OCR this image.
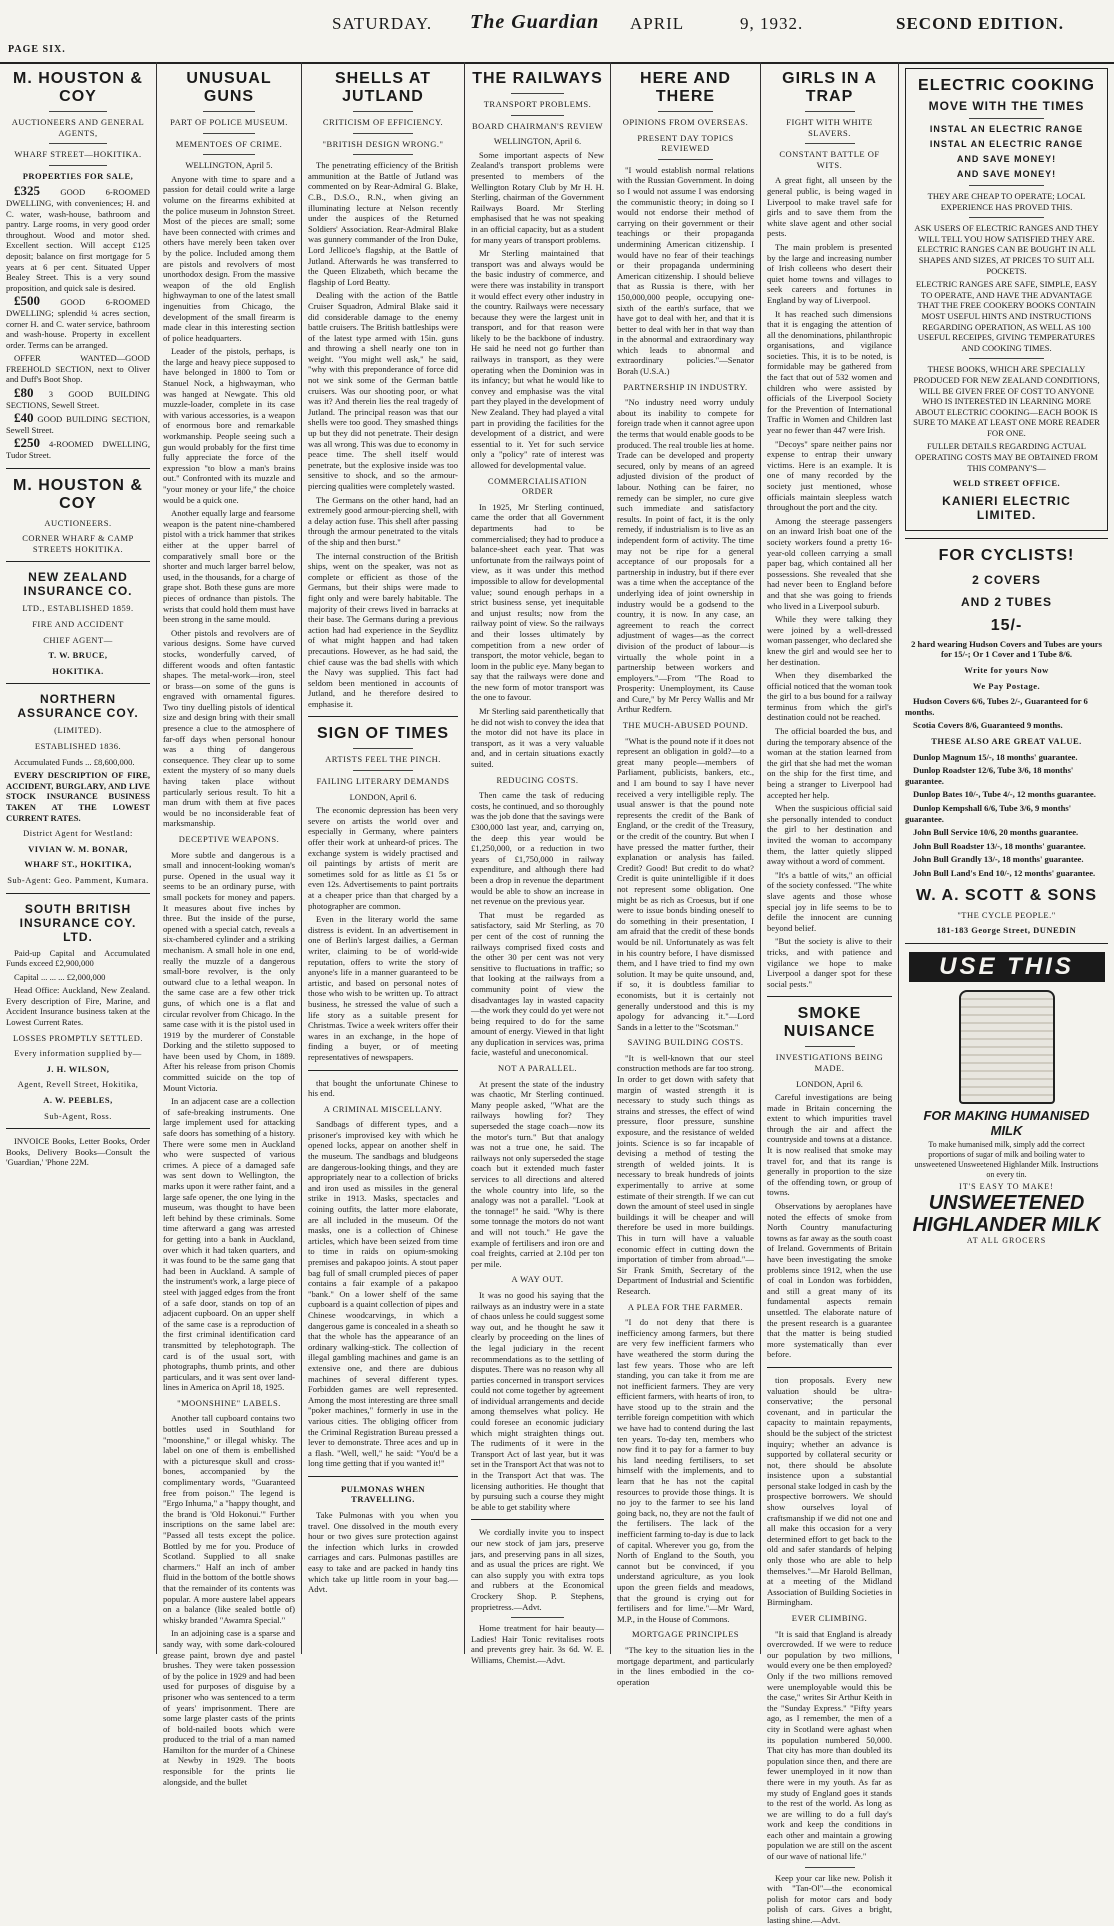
PAGE SIX.
SATURDAY. The Guardian APRIL	9, 1932.	SECOND EDITION.
M. HOUSTON & COY
AUCTIONEERS AND GENERAL AGENTS,
WHARF STREET—HOKITIKA.
PROPERTIES FOR SALE,

£325 GOOD 6-ROOMED DWELLING, with conveniences; H. and C. water, wash-house, bathroom and pantry. Large rooms, in very good order throughout. Wood and motor shed. Excellent section. Will accept £125 deposit; balance on first mortgage for 5 years at 6 per cent. Situated Upper Bealey Street. This is a very sound proposition, and quick sale is desired.

£500 GOOD 6-ROOMED DWELLING; splendid ¼ acres section, corner H. and C. water service, bathroom and wash-house. Property in excellent order. Terms can be arranged.

OFFER WANTED—GOOD FREEHOLD SECTION, next to Oliver and Duff's Boot Shop.

£80 3 GOOD BUILDING SECTIONS, Sewell Street.

£40 GOOD BUILDING SECTION, Sewell Street.

£250 4-ROOMED DWELLING, Tudor Street.

M. HOUSTON & COY
AUCTIONEERS.
CORNER WHARF & CAMP STREETS HOKITIKA.
NEW ZEALAND INSURANCE CO.
LTD., ESTABLISHED 1859.
FIRE AND ACCIDENT
CHIEF AGENT—
T. W. BRUCE,
HOKITIKA.
NORTHERN ASSURANCE COY.
(LIMITED).
ESTABLISHED 1836.

Accumulated Funds ... £8,600,000.

EVERY DESCRIPTION OF FIRE, ACCIDENT, BURGLARY, AND LIVE STOCK INSURANCE BUSINESS TAKEN AT THE LOWEST CURRENT RATES.

District Agent for Westland:
VIVIAN W. M. BONAR,
WHARF ST., HOKITIKA,
Sub-Agent: Geo. Pamment, Kumara.
SOUTH BRITISH INSURANCE COY. LTD.

Paid-up Capital and Accumulated Funds exceed £2,900,000

Capital ... ... ... £2,000,000

Head Office: Auckland, New Zealand. Every description of Fire, Marine, and Accident Insurance business taken at the Lowest Current Rates.

LOSSES PROMPTLY SETTLED.
Every information supplied by—
J. H. WILSON,
Agent, Revell Street, Hokitika,
A. W. PEEBLES,
Sub-Agent, Ross.

INVOICE Books, Letter Books, Order Books, Delivery Books—Consult the 'Guardian,' 'Phone 22M.

UNUSUAL GUNS
PART OF POLICE MUSEUM.
MEMENTOES OF CRIME.

WELLINGTON, April 5.

Anyone with time to spare and a passion for detail could write a large volume on the firearms exhibited at the police museum in Johnston Street. Most of the pieces are small; some have been connected with crimes and others have merely been taken over by the police. Included among them are pistols and revolvers of most unorthodox design. From the massive weapon of the old English highwayman to one of the latest small ingenuities from Chicago, the development of the small firearm is made clear in this interesting section of police headquarters.

Leader of the pistols, perhaps, is the large and heavy piece supposed to have belonged in 1800 to Tom or Stanuel Nock, a highwayman, who was hanged at Newgate. This old muzzle-loader, complete in its case with various accessories, is a weapon of enormous bore and remarkable workmanship. People seeing such a gun would probably for the first time fully appreciate the force of the expression "to blow a man's brains out." Confronted with its muzzle and "your money or your life," the choice would be a quick one.

Another equally large and fearsome weapon is the patent nine-chambered pistol with a trick hammer that strikes either at the upper barrel of comparatively small bore or the shorter and much larger barrel below, used, in the thousands, for a charge of grape shot. Both these guns are more pieces of ordnance than pistols. The wrists that could hold them must have been strong in the same mould.

Other pistols and revolvers are of various designs. Some have curved stocks, wonderfully carved, of different woods and often fantastic shapes. The metal-work—iron, steel or brass—on some of the guns is engraved with ornamental figures. Two tiny duelling pistols of identical size and design bring with their small presence a clue to the atmosphere of far-off days when personal honour was a thing of dangerous consequence. They clear up to some extent the mystery of so many duels having taken place without particularly serious result. To hit a man drum with them at five paces would be no inconsiderable feat of marksmanship.

DECEPTIVE WEAPONS.

More subtle and dangerous is a small and innocent-looking woman's purse. Opened in the usual way it seems to be an ordinary purse, with small pockets for money and papers. It measures about five inches by three. But the inside of the purse, opened with a special catch, reveals a six-chambered cylinder and a striking mechanism. A small hole in one end, really the muzzle of a dangerous small-bore revolver, is the only outward clue to a lethal weapon. In the same case are a few other trick guns, of which one is a flat and circular revolver from Chicago. In the same case with it is the pistol used in 1919 by the murderer of Constable Dorking and the stiletto supposed to have been used by Chom, in 1889. After his release from prison Chomis committed suicide on the top of Mount Victoria.

In an adjacent case are a collection of safe-breaking instruments. One large implement used for attacking safe doors has something of a history. There were some men in Auckland who were suspected of various crimes. A piece of a damaged safe was sent down to Wellington, the marks upon it were rather faint, and a large safe opener, the one lying in the museum, was thought to have been left behind by these criminals. Some time afterward a gang was arrested for getting into a bank in Auckland, over which it had taken quarters, and it was found to be the same gang that had been in Auckland. A sample of the instrument's work, a large piece of steel with jagged edges from the front of a safe door, stands on top of an adjacent cupboard. On an upper shelf of the same case is a reproduction of the first criminal identification card transmitted by telephotograph. The card is of the usual sort, with photographs, thumb prints, and other particulars, and it was sent over land-lines in America on April 18, 1925.

"MOONSHINE" LABELS.

Another tall cupboard contains two bottles used in Southland for "moonshine," or illegal whisky. The label on one of them is embellished with a picturesque skull and cross-bones, accompanied by the complimentary words, "Guaranteed free from poison." The legend is "Ergo Inhuma," a "happy thought, and the brand is 'Old Hokonui.'" Further inscriptions on the same label are: "Passed all tests except the police. Bottled by me for you. Produce of Scotland. Supplied to all snake charmers." Half an inch of amber fluid in the bottom of the bottle shows that the remainder of its contents was popular. A more austere label appears on a balance (like sealed bottle of) whisky branded "Awamra Special."

In an adjoining case is a sparse and sandy way, with some dark-coloured grease paint, brown dye and pastel brushes. They were taken possession of by the police in 1929 and had been used for purposes of disguise by a prisoner who was sentenced to a term of years' imprisonment. There are some large plaster casts of the prints of bold-nailed boots which were produced to the trial of a man named Hamilton for the murder of a Chinese at Newby in 1929. The boots responsible for the prints lie alongside, and the bullet

SHELLS AT JUTLAND
CRITICISM OF EFFICIENCY.
"BRITISH DESIGN WRONG."

The penetrating efficiency of the British ammunition at the Battle of Jutland was commented on by Rear-Admiral G. Blake, C.B., D.S.O., R.N., when giving an illuminating lecture at Nelson recently under the auspices of the Returned Soldiers' Association. Rear-Admiral Blake was gunnery commander of the Iron Duke, Lord Jellicoe's flagship, at the Battle of Jutland. Afterwards he was transferred to the Queen Elizabeth, which became the flagship of Lord Beatty.

Dealing with the action of the Battle Cruiser Squadron, Admiral Blake said it did considerable damage to the enemy battle cruisers. The British battleships were of the latest type armed with 15in. guns and throwing a shell nearly one ton in weight. "You might well ask," he said, "why with this preponderance of force did not we sink some of the German battle cruisers. Was our shooting poor, or what was it? And therein lies the real tragedy of Jutland. The principal reason was that our shells were too good. They smashed things up but they did not penetrate. Their design was all wrong. This was due to economy in peace time. The shell itself would penetrate, but the explosive inside was too sensitive to shock, and so the armour-piercing qualities were completely wasted.

The Germans on the other hand, had an extremely good armour-piercing shell, with a delay action fuse. This shell after passing through the armour penetrated to the vitals of the ship and then burst."

The internal construction of the British ships, went on the speaker, was not as complete or efficient as those of the Germans, but their ships were made to fight only and were barely habitable. The majority of their crews lived in barracks at their base. The Germans during a previous action had had experience in the Seydlitz of what might happen and had taken precautions. However, as he had said, the chief cause was the bad shells with which the Navy was supplied. This fact had seldom been mentioned in accounts of Jutland, and he therefore desired to emphasise it.

SIGN OF TIMES
ARTISTS FEEL THE PINCH.
FAILING LITERARY DEMANDS

LONDON, April 6.

The economic depression has been very severe on artists the world over and especially in Germany, where painters offer their work at unheard-of prices. The exchange system is widely practised and oil paintings by artists of merit are sometimes sold for as little as £1 5s or even 12s. Advertisements to paint portraits at a cheaper price than that charged by a photographer are common.

Even in the literary world the same distress is evident. In an advertisement in one of Berlin's largest dailies, a German writer, claiming to be of world-wide reputation, offers to write the story of anyone's life in a manner guaranteed to be artistic, and based on personal notes of those who wish to be written up. To attract business, he stressed the value of such a life story as a suitable present for Christmas. Twice a week writers offer their wares in an exchange, in the hope of finding a buyer, or of meeting representatives of newspapers.

that bought the unfortunate Chinese to his end.

A CRIMINAL MISCELLANY.

Sandbags of different types, and a prisoner's improvised key with which he opened locks, appear on another shelf in the museum. The sandbags and bludgeons are dangerous-looking things, and they are appropriately near to a collection of bricks and iron used as missiles in the general strike in 1913. Masks, spectacles and coining outfits, the latter more elaborate, are all included in the museum. Of the masks, one is a collection of Chinese articles, which have been seized from time to time in raids on opium-smoking premises and pakapoo joints. A stout paper bag full of small crumpled pieces of paper contains a fair example of a pakapoo "bank." On a lower shelf of the same cupboard is a quaint collection of pipes and Chinese woodcarvings, in which a dangerous game is concealed in a sheath so that the whole has the appearance of an ordinary walking-stick. The collection of illegal gambling machines and game is an extensive one, and there are dubious machines of several different types. Forbidden games are well represented. Among the most interesting are three small "poker machines," formerly in use in the various cities. The obliging officer from the Criminal Registration Bureau pressed a lever to demonstrate. Three aces and up in a flash. "Well, well," he said: "You'd be a long time getting that if you wanted it!"

PULMONAS WHEN TRAVELLING.

Take Pulmonas with you when you travel. One dissolved in the mouth every hour or two gives sure protection against the infection which lurks in crowded carriages and cars. Pulmonas pastilles are easy to take and are packed in handy tins which take up little room in your bag.—Advt.

THE RAILWAYS
TRANSPORT PROBLEMS.
BOARD CHAIRMAN'S REVIEW

WELLINGTON, April 6.

Some important aspects of New Zealand's transport problems were presented to members of the Wellington Rotary Club by Mr H. H. Sterling, chairman of the Government Railways Board. Mr Sterling emphasised that he was not speaking in an official capacity, but as a student for many years of transport problems.

Mr Sterling maintained that transport was and always would be the basic industry of commerce, and were there was instability in transport it would effect every other industry in the country. Railways were necessary because they were the largest unit in transport, and for that reason were likely to be the backbone of industry. He said he need not go further than railways in transport, as they were operating when the Dominion was in its infancy; but what he would like to convey and emphasise was the vital part they played in the development of New Zealand. They had played a vital part in providing the facilities for the development of a district, and were essential to it. Yet for such service only a "policy" rate of interest was allowed for developmental value.

COMMERCIALISATION ORDER

In 1925, Mr Sterling continued, came the order that all Government departments had to be commercialised; they had to produce a balance-sheet each year. That was unfortunate from the railways point of view, as it was under this method impossible to allow for developmental value; sound enough perhaps in a strict business sense, yet inequitable and unjust results; now from the railway point of view. So the railways and their losses ultimately by competition from a new order of transport, the motor vehicle, began to loom in the public eye. Many began to say that the railways were done and the new form of motor transport was the one to favour.

Mr Sterling said parenthetically that he did not wish to convey the idea that the motor did not have its place in transport, as it was a very valuable and, and in certain situations exactly suited.

REDUCING COSTS.

Then came the task of reducing costs, he continued, and so thoroughly was the job done that the savings were £300,000 last year, and, carrying on, the deep this year would be £1,250,000, or a reduction in two years of £1,750,000 in railway expenditure, and although there had been a drop in revenue the department would be able to show an increase in net revenue on the previous year.

That must be regarded as satisfactory, said Mr Sterling, as 70 per cent of the cost of running the railways comprised fixed costs and the other 30 per cent was not very sensitive to fluctuations in traffic; so that looking at the railways from a community point of view the disadvantages lay in wasted capacity—the work they could do yet were not being required to do for the same amount of energy. Viewed in that light any duplication in services was, prima facie, wasteful and uneconomical.

NOT A PARALLEL.

At present the state of the industry was chaotic, Mr Sterling continued. Many people asked, "What are the railways howling for? They superseded the stage coach—now its the motor's turn." But that analogy was not a true one, he said. The railways not only superseded the stage coach but it extended much faster services to all directions and altered the whole country into life, so the analogy was not a parallel. "Look at the tonnage!" he said. "Why is there some tonnage the motors do not want and will not touch." He gave the example of fertilisers and iron ore and coal freights, carried at 2.10d per ton per mile.

A WAY OUT.

It was no good his saying that the railways as an industry were in a state of chaos unless he could suggest some way out, and he thought he saw it clearly by proceeding on the lines of the legal judiciary in the recent recommendations as to the settling of disputes. There was no reason why all parties concerned in transport services could not come together by agreement of individual arrangements and decide among themselves what policy. He could foresee an economic judiciary which might straighten things out. The rudiments of it were in the Transport Act of last year, but it was set in the Transport Act that was not to in the Transport Act that was. The licensing authorities. He thought that by pursuing such a course they might be able to get stability where

We cordially invite you to inspect our new stock of jam jars, preserve jars, and preserving pans in all sizes, and as usual the prices are right. We can also supply you with extra tops and rubbers at the Economical Crockery Shop. P. Stephens, proprietress.—Advt.

Home treatment for hair beauty—Ladies! Hair Tonic revitalises roots and prevents grey hair. 3s 6d. W. E. Williams, Chemist.—Advt.

HERE AND THERE
OPINIONS FROM OVERSEAS.
PRESENT DAY TOPICS REVIEWED

"I would establish normal relations with the Russian Government. In doing so I would not assume I was endorsing the communistic theory; in doing so I would not endorse their method of carrying on their government or their teachings or their propaganda undermining American citizenship. I would have no fear of their teachings or their propaganda undermining American citizenship. I should believe that as Russia is there, with her 150,000,000 people, occupying one-sixth of the earth's surface, that we have got to deal with her, and that it is better to deal with her in that way than in the abnormal and extraordinary way which leads to abnormal and extraordinary policies."—Senator Borah (U.S.A.)

PARTNERSHIP IN INDUSTRY.

"No industry need worry unduly about its inability to compete for foreign trade when it cannot agree upon the terms that would enable goods to be produced. The real trouble lies at home. Trade can be developed and property secured, only by means of an agreed adjusted division of the product of labour. Nothing can be fairer, no remedy can be simpler, no cure give such immediate and satisfactory results. In point of fact, it is the only remedy, if industrialism is to live as an independent form of activity. The time may not be ripe for a general acceptance of our proposals for a partnership in industry, but if there ever was a time when the acceptance of the underlying idea of joint ownership in industry would be a godsend to the country, it is now. In any case, an agreement to reach the correct adjustment of wages—as the correct division of the product of labour—is virtually the whole point in a partnership between workers and employers."—From "The Road to Prosperity: Unemployment, its Cause and Cure," by Mr Percy Wallis and Mr Arthur Redfern.

THE MUCH-ABUSED POUND.

"What is the pound note if it does not represent an obligation in gold?—to a great many people—members of Parliament, publicists, bankers, etc., and I am bound to say I have never received a very intelligible reply. The usual answer is that the pound note represents the credit of the Bank of England, or the credit of the Treasury, or the credit of the country. But when I have pressed the matter further, their explanation or analysis has failed. Credit? Good! But credit to do what? Credit is quite unintelligible if it does not represent some obligation. One might be as rich as Croesus, but if one were to issue bonds binding oneself to do something in their presentation, I am afraid that the credit of these bonds would be nil. Unfortunately as was felt in his country before, I have dismissed them, and I have tried to find my own solution. It may be quite unsound, and, if so, it is doubtless familiar to economists, but it is certainly not generally understood and this is my apology for advancing it."—Lord Sands in a letter to the "Scotsman."

SAVING BUILDING COSTS.

"It is well-known that our steel construction methods are far too strong. In order to get down with safety that margin of wasted strength it is necessary to study such things as strains and stresses, the effect of wind pressure, floor pressure, sunshine exposure, and the resistance of welded joints. Science is so far incapable of devising a method of testing the strength of welded joints. It is necessary to break hundreds of joints experimentally to arrive at some estimate of their strength. If we can cut down the amount of steel used in single buildings it will be cheaper and will therefore be used in more buildings. This in turn will have a valuable economic effect in cutting down the importation of timber from abroad."—Sir Frank Smith, Secretary of the Department of Industrial and Scientific Research.

A PLEA FOR THE FARMER.

"I do not deny that there is inefficiency among farmers, but there are very few inefficient farmers who have weathered the storm during the last few years. Those who are left standing, you can take it from me are not inefficient farmers. They are very efficient farmers, with hearts of iron, to have stood up to the strain and the terrible foreign competition with which we have had to contend during the last ten years. To-day ten, members who now find it to pay for a farmer to buy his land needing fertilisers, to set himself with the implements, and to learn that he has not the capital resources to provide those things. It is no joy to the farmer to see his land going back, no, they are not the fault of the fertilisers. The lack of the inefficient farming to-day is due to lack of capital. Wherever you go, from the North of England to the South, you cannot but be convinced, if you understand agriculture, as you look upon the green fields and meadows, that the ground is crying out for fertilisers and for lime."—Mr Ward, M.P., in the House of Commons.

MORTGAGE PRINCIPLES

"The key to the situation lies in the mortgage department, and particularly in the lines embodied in the co-operation

GIRLS IN A TRAP
FIGHT WITH WHITE SLAVERS.
CONSTANT BATTLE OF WITS.

A great fight, all unseen by the general public, is being waged in Liverpool to make travel safe for girls and to save them from the white slave agent and other social pests.

The main problem is presented by the large and increasing number of Irish colleens who desert their quiet home towns and villages to seek careers and fortunes in England by way of Liverpool.

It has reached such dimensions that it is engaging the attention of all the denominations, philanthropic organisations, and vigilance societies. This, it is to be noted, is formidable may be gathered from the fact that out of 532 women and children who were assisted by officials of the Liverpool Society for the Prevention of International Traffic in Women and Children last year no fewer than 447 were Irish.

"Decoys" spare neither pains nor expense to entrap their unwary victims. Here is an example. It is one of many recorded by the society just mentioned, whose officials maintain sleepless watch throughout the port and the city.

Among the steerage passengers on an inward Irish boat one of the society workers found a pretty 16-year-old colleen carrying a small paper bag, which contained all her possessions. She revealed that she had never been to England before and that she was going to friends who lived in a Liverpool suburb.

While they were talking they were joined by a well-dressed woman passenger, who declared she knew the girl and would see her to her destination.

When they disembarked the official noticed that the woman took the girl to a bus bound for a railway terminus from which the girl's destination could not be reached.

The official boarded the bus, and during the temporary absence of the woman at the station learned from the girl that she had met the woman on the ship for the first time, and being a stranger to Liverpool had accepted her help.

When the suspicious official said she personally intended to conduct the girl to her destination and invited the woman to accompany them, the latter quietly slipped away without a word of comment.

"It's a battle of wits," an official of the society confessed. "The white slave agents and those whose special joy in life seems to be to defile the innocent are cunning beyond belief.

"But the society is alive to their tricks, and with patience and vigilance we hope to make Liverpool a danger spot for these social pests."

SMOKE NUISANCE
INVESTIGATIONS BEING MADE.

LONDON, April 6.

Careful investigations are being made in Britain concerning the extent to which impurities travel through the air and affect the countryside and towns at a distance. It is now realised that smoke may travel for, and that its range is generally in proportion to the size of the offending town, or group of towns.

Observations by aeroplanes have noted the effects of smoke from North Country manufacturing towns as far away as the south coast of Ireland. Governments of Britain have been investigating the smoke problems since 1912, when the use of coal in London was forbidden, and still a great many of its fundamental aspects remain unsettled. The elaborate nature of the present research is a guarantee that the matter is being studied more systematically than ever before.

tion proposals. Every new valuation should be ultra-conservative; the personal covenant, and in particular the capacity to maintain repayments, should be the subject of the strictest inquiry; whether an advance is supported by collateral security or not, there should be absolute insistence upon a substantial personal stake lodged in cash by the prospective borrowers. We should show ourselves loyal of craftsmanship if we did not one and all make this occasion for a very determined effort to get back to the old and safer standards of helping only those who are able to help themselves."—Mr Harold Bellman, at a meeting of the Midland Association of Building Societies in Birmingham.

EVER CLIMBING.

"It is said that England is already overcrowded. If we were to reduce our population by two millions, would every one be then employed? Only if the two millions removed were unemployable would this be the case," writes Sir Arthur Keith in the "Sunday Express." "Fifty years ago, as I remember, the men of a city in Scotland were aghast when its population numbered 50,000. That city has more than doubled its population since then, and there are fewer unemployed in it now than there were in my youth. As far as my study of England goes it stands to the rest of the world. As long as we are willing to do a full day's work and keep the conditions in each other and maintain a growing population we are still on the ascent of our wave of national life."

Keep your car like new. Polish it with "Tan-Ol"—the economical polish for motor cars and body polish of cars. Gives a bright, lasting shine.—Advt.

ELECTRIC COOKING
MOVE WITH THE TIMES
INSTAL AN ELECTRIC RANGE
INSTAL AN ELECTRIC RANGE
AND SAVE MONEY!
AND SAVE MONEY!

THEY ARE CHEAP TO OPERATE; LOCAL EXPERIENCE HAS PROVED THIS.

ASK USERS OF ELECTRIC RANGES AND THEY WILL TELL YOU HOW SATISFIED THEY ARE. ELECTRIC RANGES CAN BE BOUGHT IN ALL SHAPES AND SIZES, AT PRICES TO SUIT ALL POCKETS.

ELECTRIC RANGES ARE SAFE, SIMPLE, EASY TO OPERATE, AND HAVE THE ADVANTAGE THAT THE FREE COOKERY BOOKS CONTAIN MOST USEFUL HINTS AND INSTRUCTIONS REGARDING OPERATION, AS WELL AS 100 USEFUL RECEIPES, GIVING TEMPERATURES AND COOKING TIMES.

THESE BOOKS, WHICH ARE SPECIALLY PRODUCED FOR NEW ZEALAND CONDITIONS, WILL BE GIVEN FREE OF COST TO ANYONE WHO IS INTERESTED IN LEARNING MORE ABOUT ELECTRIC COOKING—EACH BOOK IS SURE TO MAKE AT LEAST ONE MORE READER FOR ONE.

FULLER DETAILS REGARDING ACTUAL OPERATING COSTS MAY BE OBTAINED FROM THIS COMPANY'S—

WELD STREET OFFICE.
KANIERI ELECTRIC LIMITED.
FOR CYCLISTS!
2 COVERS
AND 2 TUBES
15/-

2 hard wearing Hudson Covers and Tubes are yours for 15/-; Or 1 Cover and 1 Tube 8/6.

Write for yours Now
We Pay Postage.

Hudson Covers 6/6, Tubes 2/-, Guaranteed for 6 months.

Scotia Covers 8/6, Guaranteed 9 months.

THESE ALSO ARE GREAT VALUE.

Dunlop Magnum 15/-, 18 months' guarantee.

Dunlop Roadster 12/6, Tube 3/6, 18 months' guarantee.

Dunlop Bates 10/-, Tube 4/-, 12 months guarantee.

Dunlop Kempshall 6/6, Tube 3/6, 9 months' guarantee.

John Bull Service 10/6, 20 months guarantee.

John Bull Roadster 13/-, 18 months' guarantee.

John Bull Grandly 13/-, 18 months' guarantee.

John Bull Land's End 10/-, 12 months' guarantee.

W. A. SCOTT & SONS
"THE CYCLE PEOPLE."
181-183 George Street, DUNEDIN
USE THIS
FOR MAKING HUMANISED MILK
To make humanised milk, simply add the correct proportions of sugar of milk and boiling water to unsweetened Unsweetened Highlander Milk. Instructions on every tin.
IT'S EASY TO MAKE!
UNSWEETENED HIGHLANDER MILK
AT ALL GROCERS
